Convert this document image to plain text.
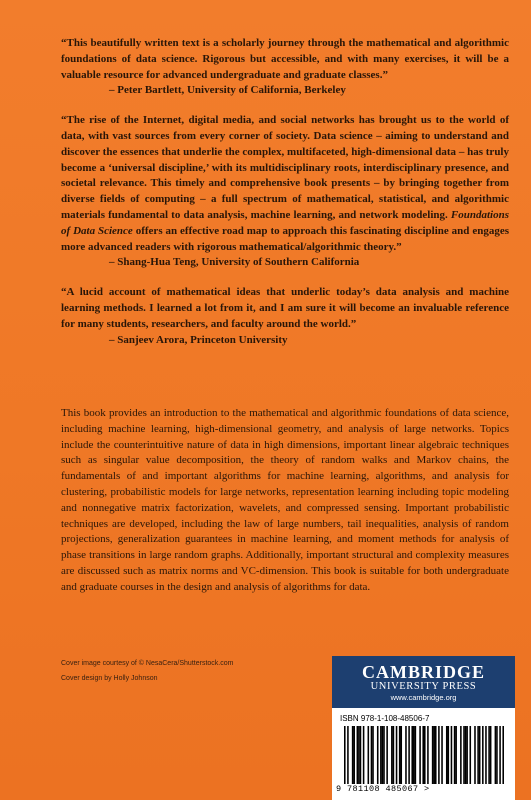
“This beautifully written text is a scholarly journey through the mathematical and algorithmic foundations of data science. Rigorous but accessible, and with many exercises, it will be a valuable resource for advanced undergraduate and graduate classes.”
– Peter Bartlett, University of California, Berkeley

“The rise of the Internet, digital media, and social networks has brought us to the world of data, with vast sources from every corner of society. Data science – aiming to understand and discover the essences that underlie the complex, multifaceted, high-dimensional data – has truly become a ‘universal discipline,’ with its multidisciplinary roots, interdisciplinary presence, and societal relevance. This timely and comprehensive book presents – by bringing together from diverse fields of computing – a full spectrum of mathematical, statistical, and algorithmic materials fundamental to data analysis, machine learning, and network modeling. Foundations of Data Science offers an effective road map to approach this fascinating discipline and engages more advanced readers with rigorous mathematical/algorithmic theory.”
– Shang-Hua Teng, University of Southern California

“A lucid account of mathematical ideas that underlic today’s data analysis and machine learning methods. I learned a lot from it, and I am sure it will become an invaluable reference for many students, researchers, and faculty around the world.”
– Sanjeev Arora, Princeton University

This book provides an introduction to the mathematical and algorithmic foundations of data science, including machine learning, high-dimensional geometry, and analysis of large networks. Topics include the counterintuitive nature of data in high dimensions, important linear algebraic techniques such as singular value decomposition, the theory of random walks and Markov chains, the fundamentals of and important algorithms for machine learning, algorithms, and analysis for clustering, probabilistic models for large networks, representation learning including topic modeling and nonnegative matrix factorization, wavelets, and compressed sensing. Important probabilistic techniques are developed, including the law of large numbers, tail inequalities, analysis of random projections, generalization guarantees in machine learning, and moment methods for analysis of phase transitions in large random graphs. Additionally, important structural and complexity measures are discussed such as matrix norms and VC-dimension. This book is suitable for both undergraduate and graduate courses in the design and analysis of algorithms for data.

Cover image courtesy of © NesaCera/Shutterstock.com
Cover design by Holly Johnson	CAMBRIDGE
UNIVERSITY PRESS
www.cambridge.org
ISBN 978-1-108-48506-7
9 781108 485067 >
